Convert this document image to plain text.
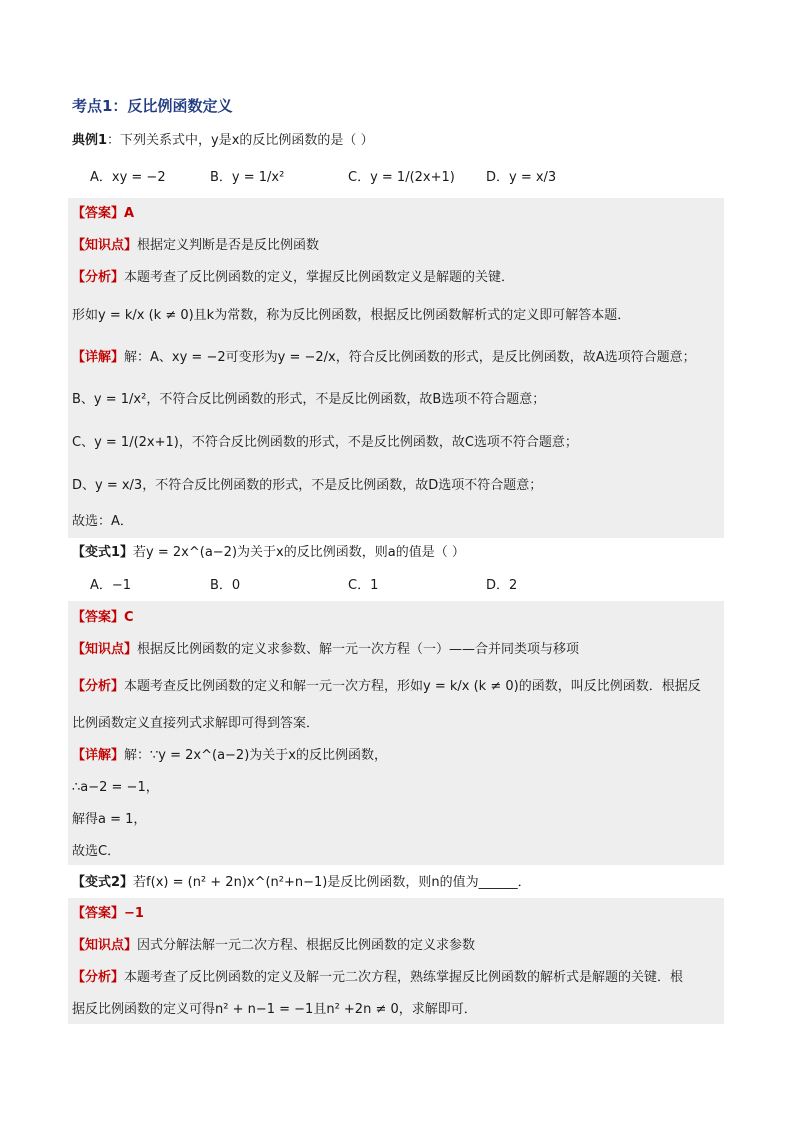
考点1：反比例函数定义
典例1：下列关系式中，y是x的反比例函数的是（ ）
A．xy = −2	B．y = 1/x²	C．y = 1/(2x+1) D．y = x/3
【答案】A
【知识点】根据定义判断是否是反比例函数
【分析】本题考查了反比例函数的定义，掌握反比例函数定义是解题的关键．
形如y = k/x (k ≠ 0)且k为常数，称为反比例函数，根据反比例函数解析式的定义即可解答本题．
【详解】解：A、xy = −2可变形为y = −2/x，符合反比例函数的形式，是反比例函数，故A选项符合题意；
B、y = 1/x²，不符合反比例函数的形式，不是反比例函数，故B选项不符合题意；
C、y = 1/(2x+1)，不符合反比例函数的形式，不是反比例函数，故C选项不符合题意；
D、y = x/3，不符合反比例函数的形式，不是反比例函数，故D选项不符合题意；
故选：A．
【变式1】若y = 2x^(a−2)为关于x的反比例函数，则a的值是（ ）
A．−1	B．0	C．1	D．2
【答案】C
【知识点】根据反比例函数的定义求参数、解一元一次方程（一）——合并同类项与移项
【分析】本题考查反比例函数的定义和解一元一次方程，形如y = k/x (k ≠ 0)的函数，叫反比例函数．根据反
比例函数定义直接列式求解即可得到答案．
【详解】解：∵y = 2x^(a−2)为关于x的反比例函数，
∴a−2 = −1，
解得a = 1，
故选C．
【变式2】若f(x) = (n² + 2n)x^(n²+n−1)是反比例函数，则n的值为______．
【答案】−1
【知识点】因式分解法解一元二次方程、根据反比例函数的定义求参数
【分析】本题考查了反比例函数的定义及解一元二次方程，熟练掌握反比例函数的解析式是解题的关键．根
据反比例函数的定义可得n² + n−1 = −1且n² +2n ≠ 0，求解即可．
